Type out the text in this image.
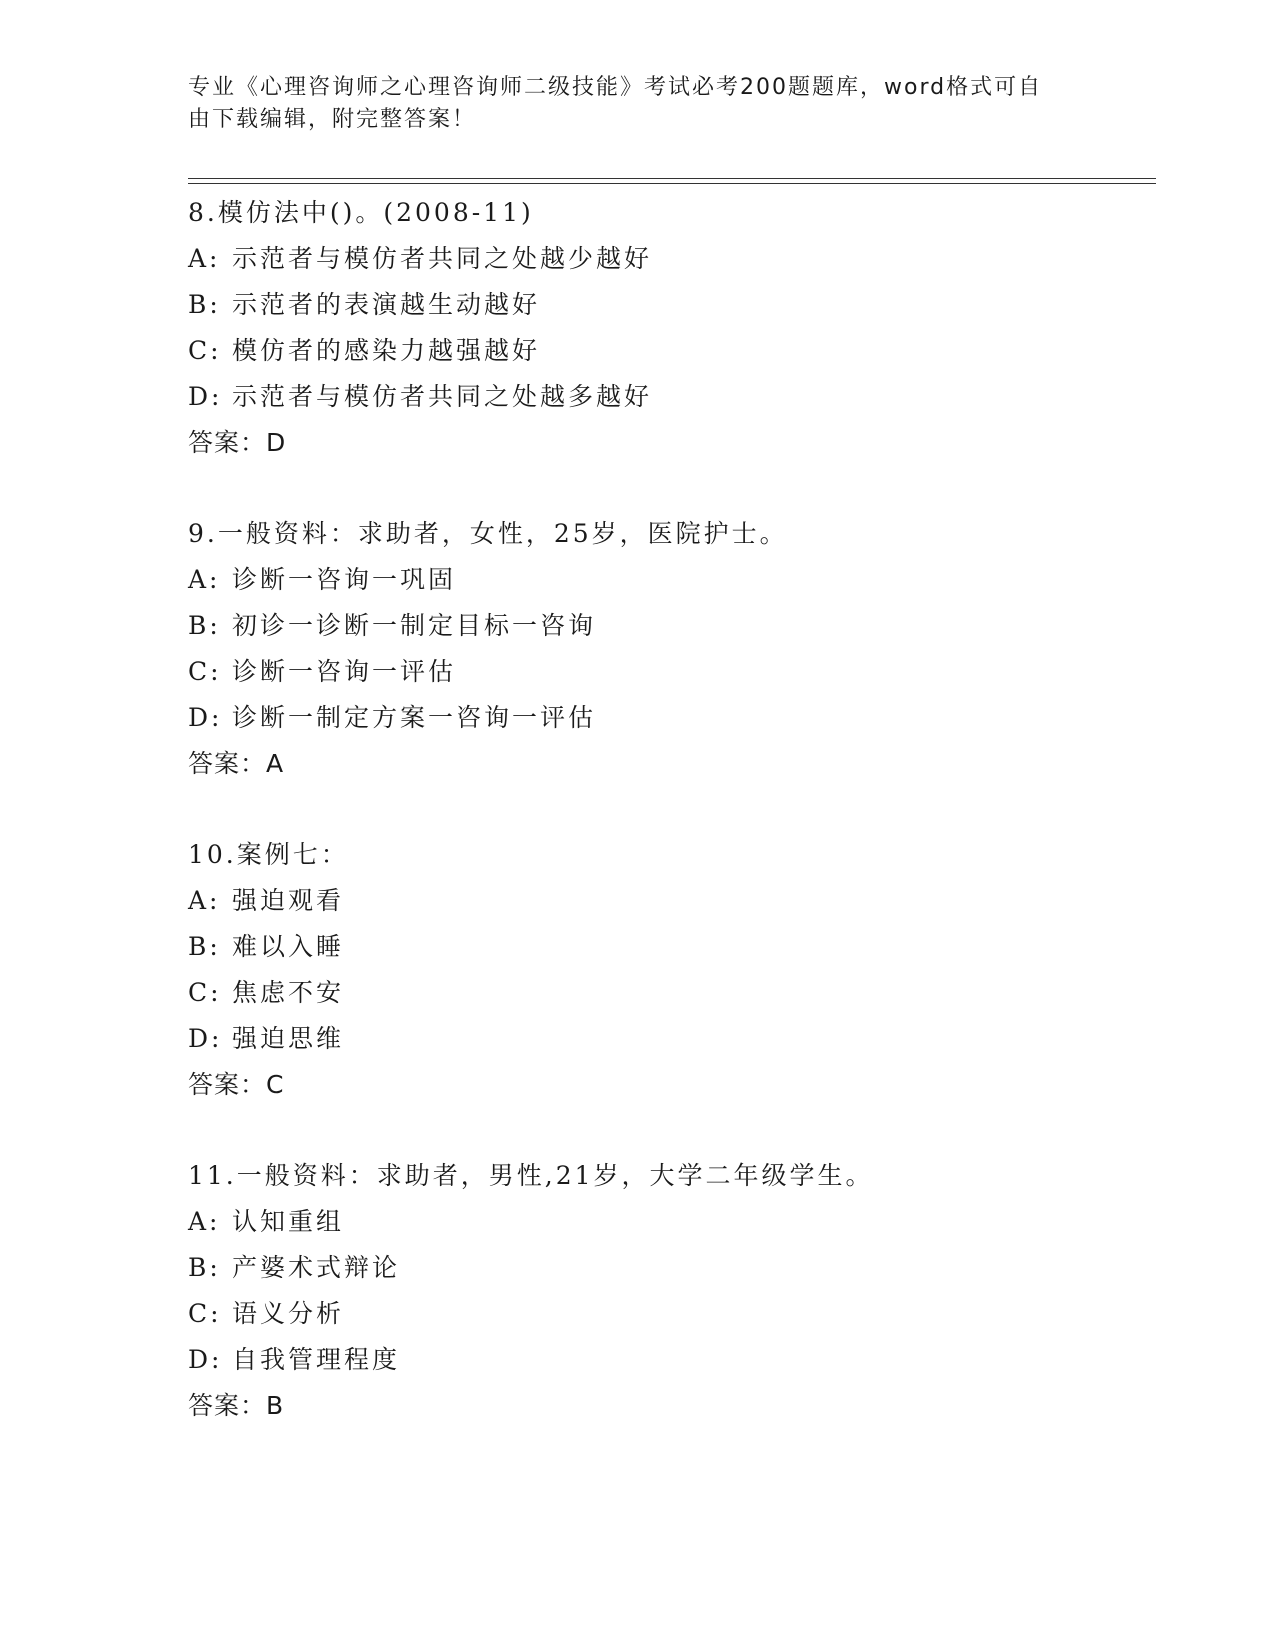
专业《心理咨询师之心理咨询师二级技能》考试必考200题题库，word格式可自
由下载编辑，附完整答案！
8.模仿法中()。(2008-11)
A: 示范者与模仿者共同之处越少越好
B: 示范者的表演越生动越好
C: 模仿者的感染力越强越好
D: 示范者与模仿者共同之处越多越好
答案：D
9.一般资料：求助者，女性，25岁，医院护士。
A: 诊断一咨询一巩固
B: 初诊一诊断一制定目标一咨询
C: 诊断一咨询一评估
D: 诊断一制定方案一咨询一评估
答案：A
10.案例七：
A: 强迫观看
B: 难以入睡
C: 焦虑不安
D: 强迫思维
答案：C
11.一般资料：求助者，男性,21岁，大学二年级学生。
A: 认知重组
B: 产婆术式辩论
C: 语义分析
D: 自我管理程度
答案：B
